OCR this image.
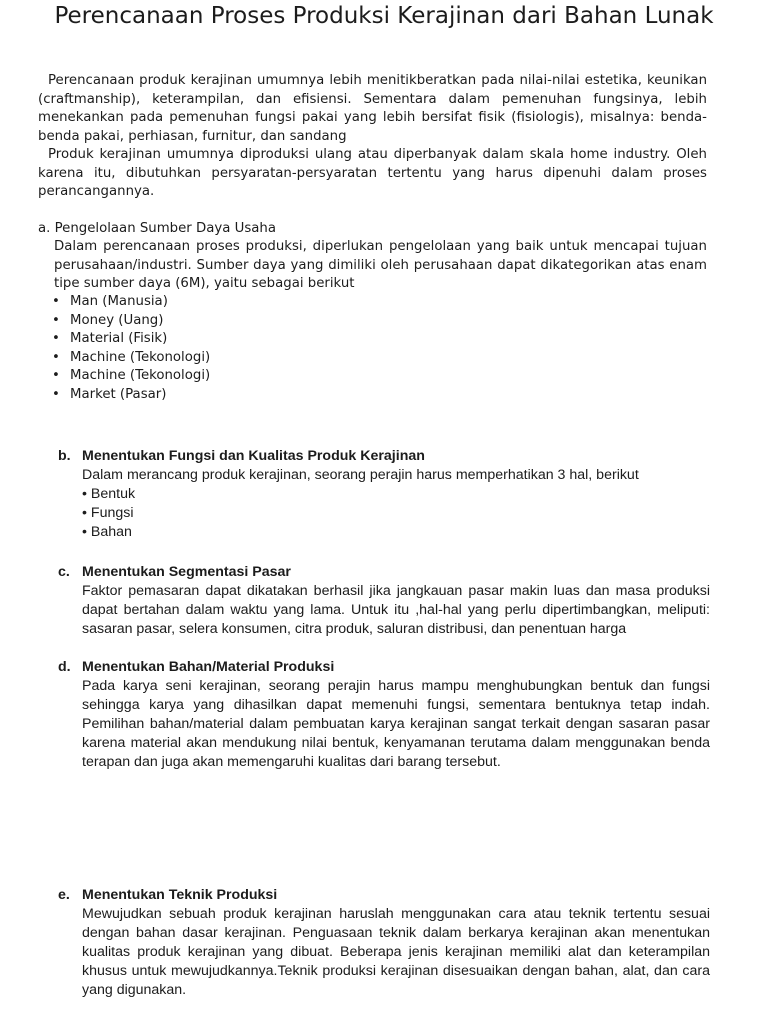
Perencanaan Proses Produksi Kerajinan dari Bahan Lunak

Perencanaan produk kerajinan umumnya lebih menitikberatkan pada nilai-nilai estetika, keunikan (craftmanship), keterampilan, dan efisiensi. Sementara dalam pemenuhan fungsinya, lebih menekankan pada pemenuhan fungsi pakai yang lebih bersifat fisik (fisiologis), misalnya: benda-benda pakai, perhiasan, furnitur, dan sandang

Produk kerajinan umumnya diproduksi ulang atau diperbanyak dalam skala home industry. Oleh karena itu, dibutuhkan persyaratan-persyaratan tertentu yang harus dipenuhi dalam proses perancangannya.

a. Pengelolaan Sumber Daya Usaha

Dalam perencanaan proses produksi, diperlukan pengelolaan yang baik untuk mencapai tujuan perusahaan/industri. Sumber daya yang dimiliki oleh perusahaan dapat dikategorikan atas enam tipe sumber daya (6M), yaitu sebagai berikut

• Man (Manusia)
• Money (Uang)
• Material (Fisik)
• Machine (Tekonologi)
• Machine (Tekonologi)
• Market (Pasar)
b. Menentukan Fungsi dan Kualitas Produk Kerajinan
Dalam merancang produk kerajinan, seorang perajin harus memperhatikan 3 hal, berikut
• Bentuk
• Fungsi
• Bahan
c. Menentukan Segmentasi Pasar
Faktor pemasaran dapat dikatakan berhasil jika jangkauan pasar makin luas dan masa produksi dapat bertahan dalam waktu yang lama. Untuk itu ,hal-hal yang perlu dipertimbangkan, meliputi: sasaran pasar, selera konsumen, citra produk, saluran distribusi, dan penentuan harga
d. Menentukan Bahan/Material Produksi
Pada karya seni kerajinan, seorang perajin harus mampu menghubungkan bentuk dan fungsi sehingga karya yang dihasilkan dapat memenuhi fungsi, sementara bentuknya tetap indah. Pemilihan bahan/material dalam pembuatan karya kerajinan sangat terkait dengan sasaran pasar karena material akan mendukung nilai bentuk, kenyamanan terutama dalam menggunakan benda terapan dan juga akan memengaruhi kualitas dari barang tersebut.
e. Menentukan Teknik Produksi
Mewujudkan sebuah produk kerajinan haruslah menggunakan cara atau teknik tertentu sesuai dengan bahan dasar kerajinan. Penguasaan teknik dalam berkarya kerajinan akan menentukan kualitas produk kerajinan yang dibuat. Beberapa jenis kerajinan memiliki alat dan keterampilan khusus untuk mewujudkannya.Teknik produksi kerajinan disesuaikan dengan bahan, alat, dan cara yang digunakan.
